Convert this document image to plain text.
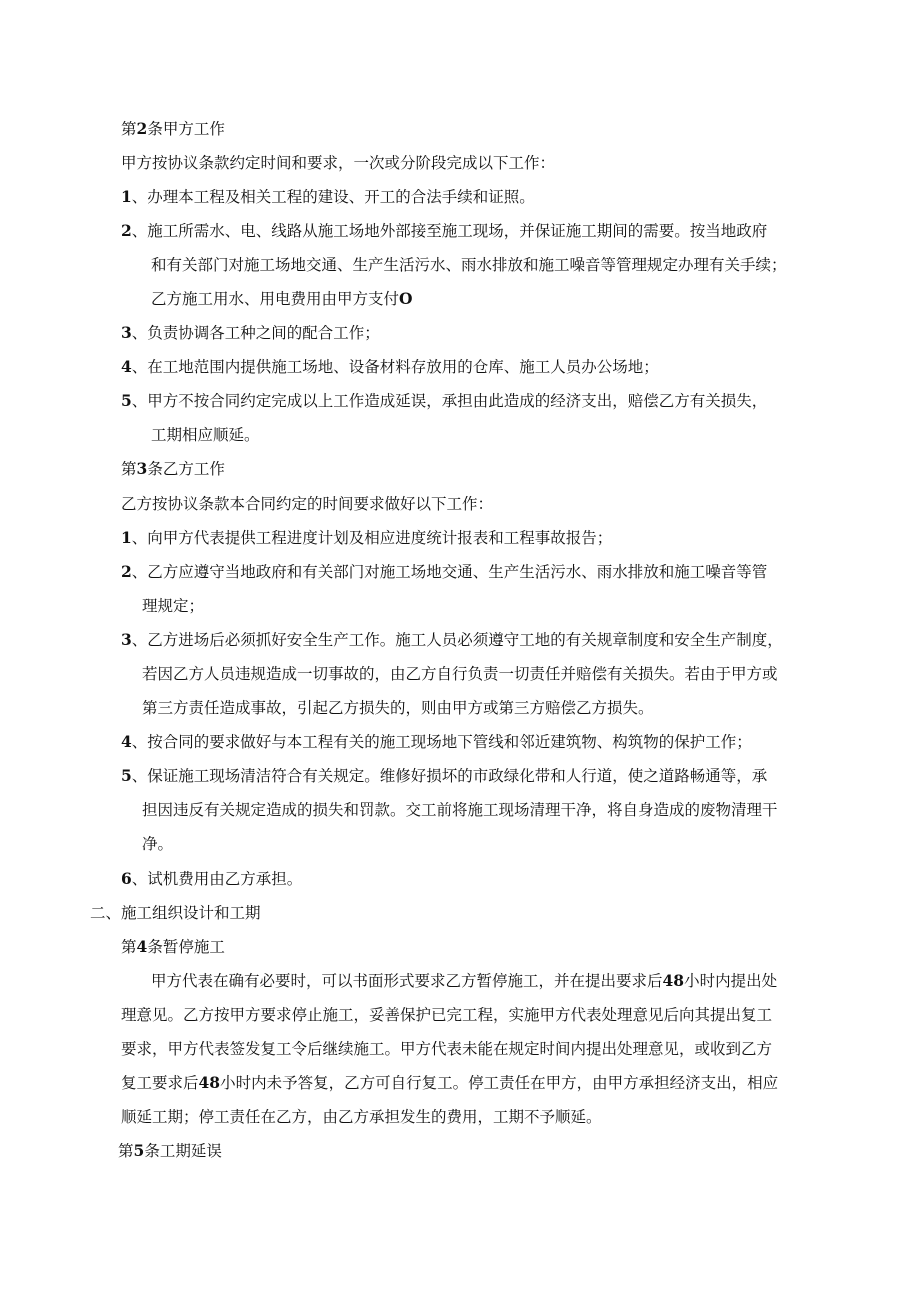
第2条甲方工作
甲方按协议条款约定时间和要求，一次或分阶段完成以下工作：
1、办理本工程及相关工程的建设、开工的合法手续和证照。
2、施工所需水、电、线路从施工场地外部接至施工现场，并保证施工期间的需要。按当地政府
和有关部门对施工场地交通、生产生活污水、雨水排放和施工噪音等管理规定办理有关手续；
乙方施工用水、用电费用由甲方支付O
3、负责协调各工种之间的配合工作；
4、在工地范围内提供施工场地、设备材料存放用的仓库、施工人员办公场地；
5、甲方不按合同约定完成以上工作造成延误，承担由此造成的经济支出，赔偿乙方有关损失，
工期相应顺延。
第3条乙方工作
乙方按协议条款本合同约定的时间要求做好以下工作：
1、向甲方代表提供工程进度计划及相应进度统计报表和工程事故报告；
2、乙方应遵守当地政府和有关部门对施工场地交通、生产生活污水、雨水排放和施工噪音等管
理规定；
3、乙方进场后必须抓好安全生产工作。施工人员必须遵守工地的有关规章制度和安全生产制度，
若因乙方人员违规造成一切事故的，由乙方自行负责一切责任并赔偿有关损失。若由于甲方或
第三方责任造成事故，引起乙方损失的，则由甲方或第三方赔偿乙方损失。
4、按合同的要求做好与本工程有关的施工现场地下管线和邻近建筑物、构筑物的保护工作；
5、保证施工现场清洁符合有关规定。维修好损坏的市政绿化带和人行道，使之道路畅通等，承
担因违反有关规定造成的损失和罚款。交工前将施工现场清理干净，将自身造成的废物清理干
净。
6、试机费用由乙方承担。
二、施工组织设计和工期
第4条暂停施工
甲方代表在确有必要时，可以书面形式要求乙方暂停施工，并在提出要求后48小时内提出处
理意见。乙方按甲方要求停止施工，妥善保护已完工程，实施甲方代表处理意见后向其提出复工
要求，甲方代表签发复工令后继续施工。甲方代表未能在规定时间内提出处理意见，或收到乙方
复工要求后48小时内未予答复，乙方可自行复工。停工责任在甲方，由甲方承担经济支出，相应
顺延工期；停工责任在乙方，由乙方承担发生的费用，工期不予顺延。
第5条工期延误
